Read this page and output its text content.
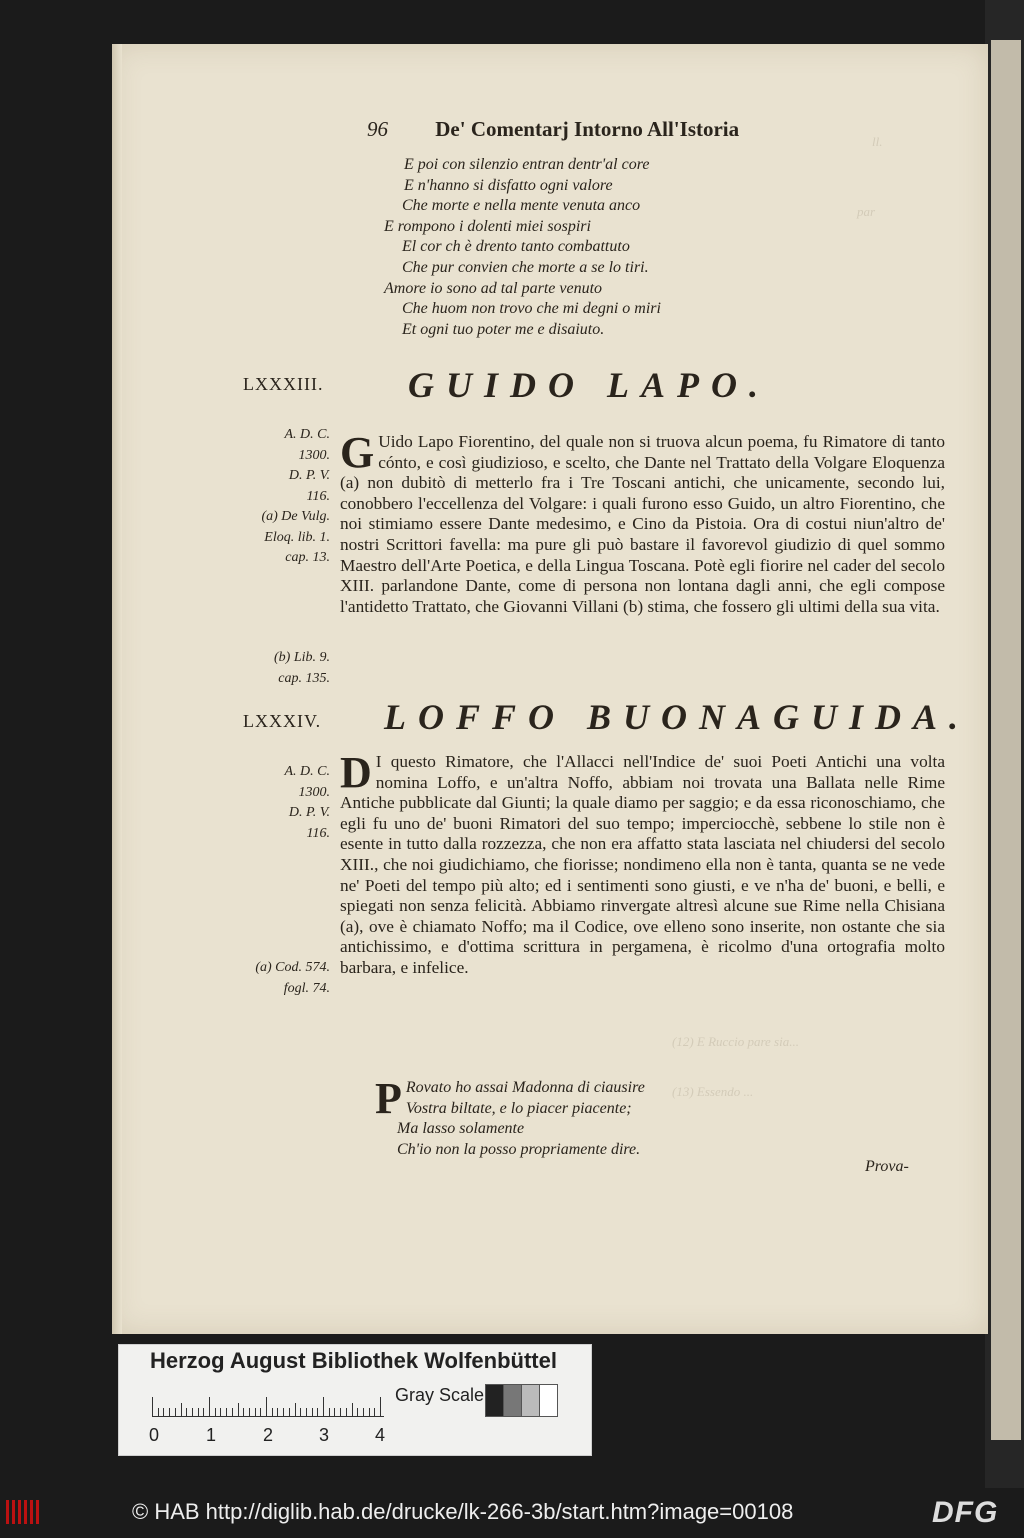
ll.
par
(12) E Ruccio pare sia...
(13) Essendo ...
96 De' Comentarj Intorno All'Istoria
E poi con silenzio entran dentr'al core
E n'hanno si disfatto ogni valore
Che morte e nella mente venuta anco
E rompono i dolenti miei sospiri
El cor ch è drento tanto combattuto
Che pur convien che morte a se lo tiri.
Amore io sono ad tal parte venuto
Che huom non trovo che mi degni o miri
Et ogni tuo poter me e disaiuto.
LXXXIII. GUIDO LAPO.
A. D. C.
1300.
D. P. V.
116.
(a) De Vulg.
Eloq. lib. 1.
cap. 13.
(b) Lib. 9.
cap. 135.
G Uido Lapo Fiorentino, del quale non si truova alcun poema, fu Rimatore di tanto cónto, e così giudizioso, e scelto, che Dante nel Trattato della Volgare Eloquenza (a) non dubitò di metterlo fra i Tre Toscani antichi, che unicamente, secondo lui, conobbero l'eccellenza del Volgare: i quali furono esso Guido, un altro Fiorentino, che noi stimiamo essere Dante medesimo, e Cino da Pistoia. Ora di costui niun'altro de' nostri Scrittori favella: ma pure gli può bastare il favorevol giudizio di quel sommo Maestro dell'Arte Poetica, e della Lingua Toscana. Potè egli fiorire nel cader del secolo XIII. parlandone Dante, come di persona non lontana dagli anni, che egli compose l'antidetto Trattato, che Giovanni Villani (b) stima, che fossero gli ultimi della sua vita.
LXXXIV. LOFFO BUONAGUIDA.
A. D. C.
1300.
D. P. V.
116.
(a) Cod. 574.
fogl. 74.
D I questo Rimatore, che l'Allacci nell'Indice de' suoi Poeti Antichi una volta nomina Loffo, e un'altra Noffo, abbiam noi trovata una Ballata nelle Rime Antiche pubblicate dal Giunti; la quale diamo per saggio; e da essa riconoschiamo, che egli fu uno de' buoni Rimatori del suo tempo; imperciocchè, sebbene lo stile non è esente in tutto dalla rozzezza, che non era affatto stata lasciata nel chiudersi del secolo XIII., che noi giudichiamo, che fiorisse; nondimeno ella non è tanta, quanta se ne vede ne' Poeti del tempo più alto; ed i sentimenti sono giusti, e ve n'ha de' buoni, e belli, e spiegati non senza felicità. Abbiamo rinvergate altresì alcune sue Rime nella Chisiana (a), ove è chiamato Noffo; ma il Codice, ove elleno sono inserite, non ostante che sia antichissimo, e d'ottima scrittura in pergamena, è ricolmo d'una ortografia molto barbara, e infelice.
P Rovato ho assai Madonna di ciausire
Vostra biltate, e lo piacer piacente;
Ma lasso solamente
Ch'io non la posso propriamente dire.
Prova-
Herzog August Bibliothek Wolfenbüttel
Gray Scale
0	1	2	3	4
© HAB http://diglib.hab.de/drucke/lk-266-3b/start.htm?image=00108	DFG
